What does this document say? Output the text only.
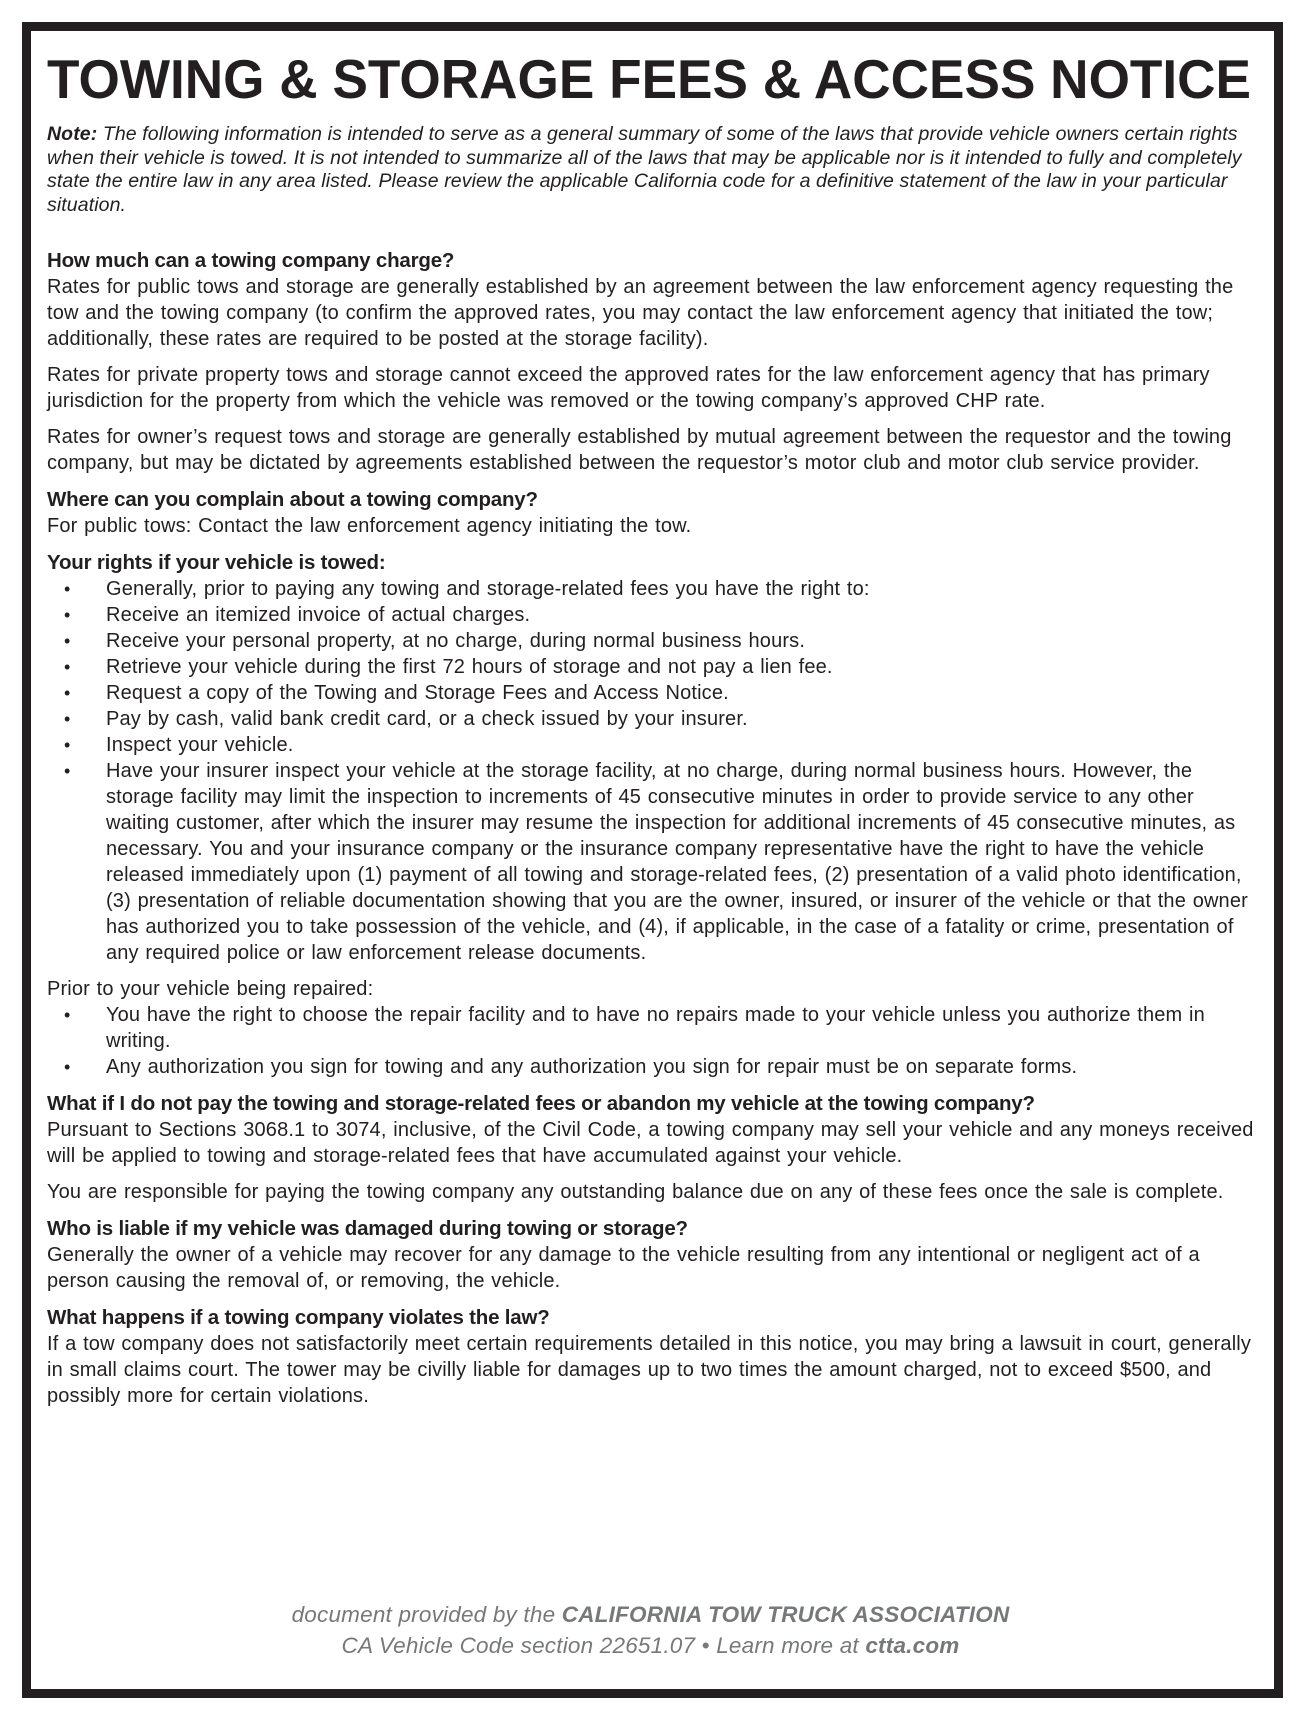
TOWING & STORAGE FEES & ACCESS NOTICE

Note: The following information is intended to serve as a general summary of some of the laws that provide vehicle owners certain rights when their vehicle is towed. It is not intended to summarize all of the laws that may be applicable nor is it intended to fully and completely state the entire law in any area listed. Please review the applicable California code for a definitive statement of the law in your particular situation.

How much can a towing company charge?

Rates for public tows and storage are generally established by an agreement between the law enforcement agency requesting the tow and the towing company (to confirm the approved rates, you may contact the law enforcement agency that initiated the tow; additionally, these rates are required to be posted at the storage facility).

Rates for private property tows and storage cannot exceed the approved rates for the law enforcement agency that has primary jurisdiction for the property from which the vehicle was removed or the towing company’s approved CHP rate.

Rates for owner’s request tows and storage are generally established by mutual agreement between the requestor and the towing company, but may be dictated by agreements established between the requestor’s motor club and motor club service provider.

Where can you complain about a towing company?

For public tows: Contact the law enforcement agency initiating the tow.

Your rights if your vehicle is towed:
• Generally, prior to paying any towing and storage-related fees you have the right to:
• Receive an itemized invoice of actual charges.
• Receive your personal property, at no charge, during normal business hours.
• Retrieve your vehicle during the first 72 hours of storage and not pay a lien fee.
• Request a copy of the Towing and Storage Fees and Access Notice.
• Pay by cash, valid bank credit card, or a check issued by your insurer.
• Inspect your vehicle.
• Have your insurer inspect your vehicle at the storage facility, at no charge, during normal business hours. However, the storage facility may limit the inspection to increments of 45 consecutive minutes in order to provide service to any other waiting customer, after which the insurer may resume the inspection for additional increments of 45 consecutive minutes, as necessary. You and your insurance company or the insurance company representative have the right to have the vehicle released immediately upon (1) payment of all towing and storage-related fees, (2) presentation of a valid photo identification, (3) presentation of reliable documentation showing that you are the owner, insured, or insurer of the vehicle or that the owner has authorized you to take possession of the vehicle, and (4), if applicable, in the case of a fatality or crime, presentation of any required police or law enforcement release documents.

Prior to your vehicle being repaired:

• You have the right to choose the repair facility and to have no repairs made to your vehicle unless you authorize them in writing.
• Any authorization you sign for towing and any authorization you sign for repair must be on separate forms.
What if I do not pay the towing and storage-related fees or abandon my vehicle at the towing company?

Pursuant to Sections 3068.1 to 3074, inclusive, of the Civil Code, a towing company may sell your vehicle and any moneys received will be applied to towing and storage-related fees that have accumulated against your vehicle.

You are responsible for paying the towing company any outstanding balance due on any of these fees once the sale is complete.

Who is liable if my vehicle was damaged during towing or storage?

Generally the owner of a vehicle may recover for any damage to the vehicle resulting from any intentional or negligent act of a person causing the removal of, or removing, the vehicle.

What happens if a towing company violates the law?

If a tow company does not satisfactorily meet certain requirements detailed in this notice, you may bring a lawsuit in court, generally in small claims court. The tower may be civilly liable for damages up to two times the amount charged, not to exceed $500, and possibly more for certain violations.

document provided by the CALIFORNIA TOW TRUCK ASSOCIATION
CA Vehicle Code section 22651.07 • Learn more at ctta.com
